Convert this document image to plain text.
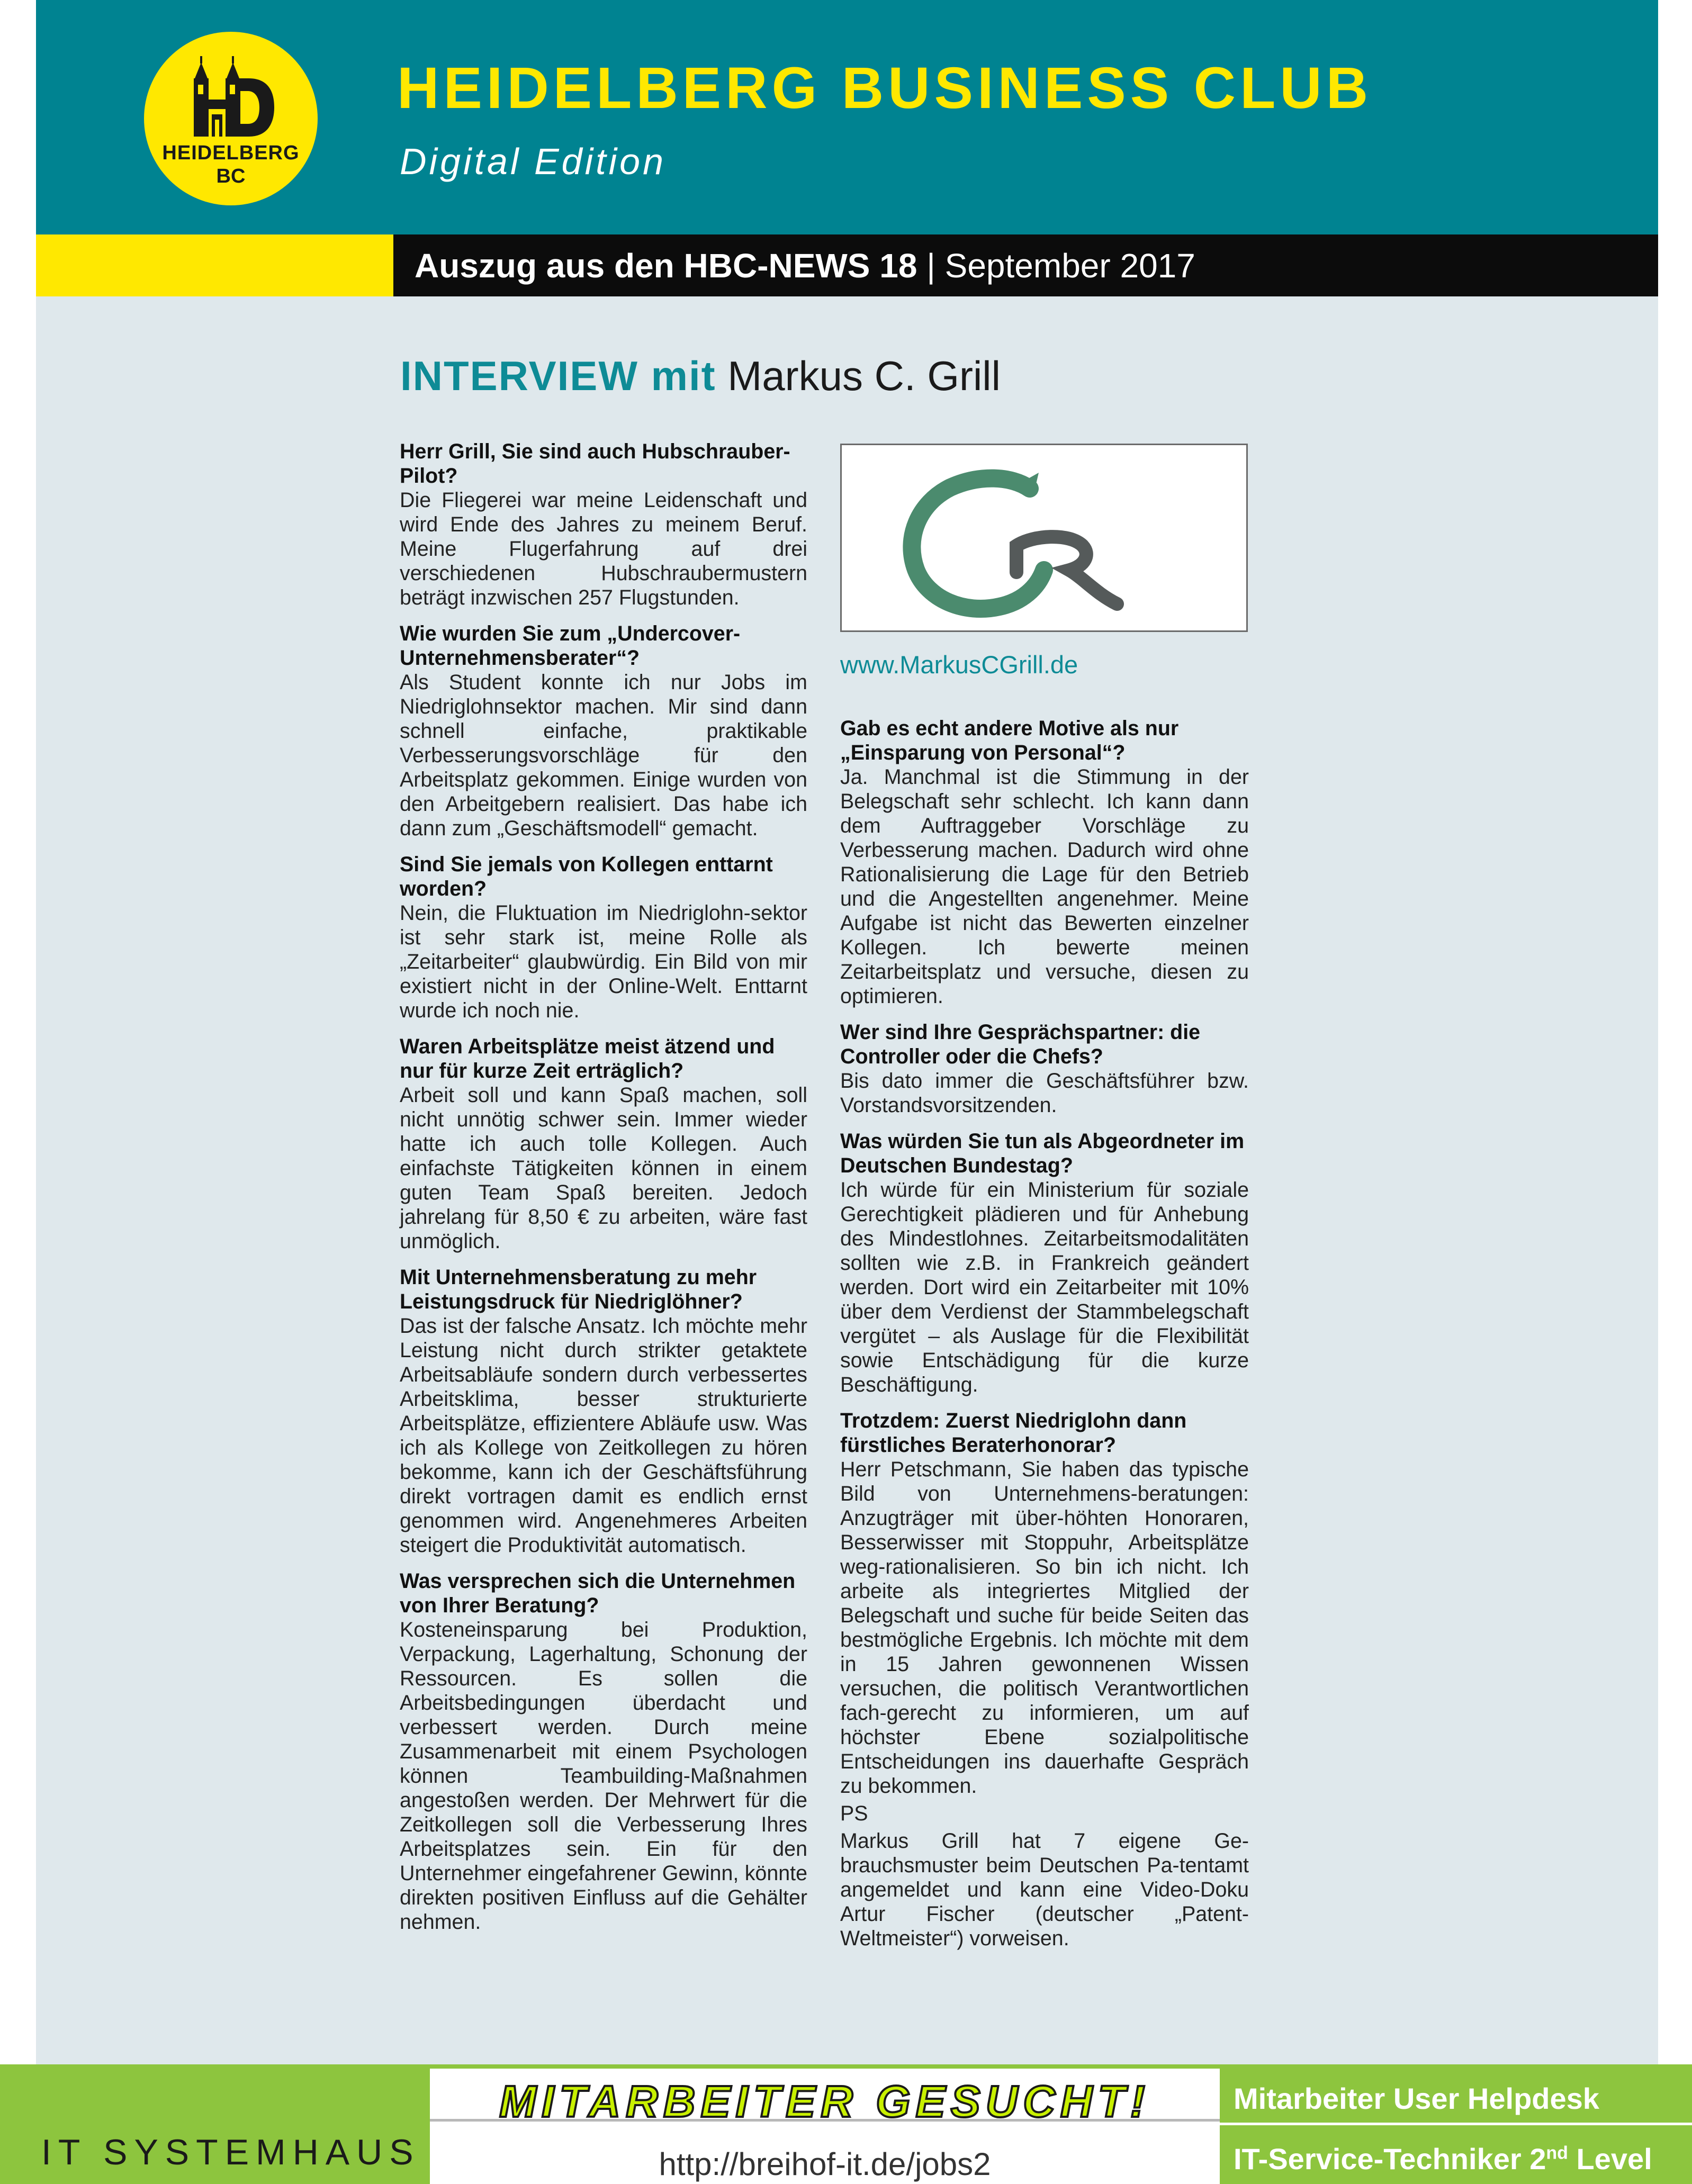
HEIDELBERG
BC
HEIDELBERG BUSINESS CLUB
Digital Edition
Auszug aus den HBC-NEWS 18 | September 2017
INTERVIEW mit Markus C. Grill
Herr Grill, Sie sind auch Hubschrauber-Pilot?
Die Fliegerei war meine Leidenschaft und wird Ende des Jahres zu meinem Beruf. Meine Flugerfahrung auf drei verschiedenen Hubschraubermustern beträgt inzwischen 257 Flugstunden.
Wie wurden Sie zum „Undercover-Unternehmensberater“?
Als Student konnte ich nur Jobs im Niedriglohnsektor machen. Mir sind dann schnell einfache, praktikable Verbesserungsvorschläge für den Arbeitsplatz gekommen. Einige wurden von den Arbeitgebern realisiert. Das habe ich dann zum „Geschäftsmodell“ gemacht.
Sind Sie jemals von Kollegen enttarnt worden?
Nein, die Fluktuation im Niedriglohn-sektor ist sehr stark ist, meine Rolle als „Zeitarbeiter“ glaubwürdig. Ein Bild von mir existiert nicht in der Online-Welt. Enttarnt wurde ich noch nie.
Waren Arbeitsplätze meist ätzend und nur für kurze Zeit erträglich?
Arbeit soll und kann Spaß machen, soll nicht unnötig schwer sein. Immer wieder hatte ich auch tolle Kollegen. Auch einfachste Tätigkeiten können in einem guten Team Spaß bereiten. Jedoch jahrelang für 8,50 € zu arbeiten, wäre fast unmöglich.
Mit Unternehmensberatung zu mehr Leistungsdruck für Niedriglöhner?
Das ist der falsche Ansatz. Ich möchte mehr Leistung nicht durch strikter getaktete Arbeitsabläufe sondern durch verbessertes Arbeitsklima, besser strukturierte Arbeitsplätze, effizientere Abläufe usw. Was ich als Kollege von Zeitkollegen zu hören bekomme, kann ich der Geschäftsführung direkt vortragen damit es endlich ernst genommen wird. Angenehmeres Arbeiten steigert die Produktivität automatisch.
Was versprechen sich die Unternehmen von Ihrer Beratung?
Kosteneinsparung bei Produktion, Verpackung, Lagerhaltung, Schonung der Ressourcen. Es sollen die Arbeitsbedingungen überdacht und verbessert werden. Durch meine Zusammenarbeit mit einem Psychologen können Teambuilding-Maßnahmen angestoßen werden. Der Mehrwert für die Zeitkollegen soll die Verbesserung Ihres Arbeitsplatzes sein. Ein für den Unternehmer eingefahrener Gewinn, könnte direkten positiven Einfluss auf die Gehälter nehmen.
www.MarkusCGrill.de
Gab es echt andere Motive als nur „Einsparung von Personal“?
Ja. Manchmal ist die Stimmung in der Belegschaft sehr schlecht. Ich kann dann dem Auftraggeber Vorschläge zu Verbesserung machen. Dadurch wird ohne Rationalisierung die Lage für den Betrieb und die Angestellten angenehmer. Meine Aufgabe ist nicht das Bewerten einzelner Kollegen. Ich bewerte meinen Zeitarbeitsplatz und versuche, diesen zu optimieren.
Wer sind Ihre Gesprächspartner: die Controller oder die Chefs?
Bis dato immer die Geschäftsführer bzw. Vorstandsvorsitzenden.
Was würden Sie tun als Abgeordneter im Deutschen Bundestag?
Ich würde für ein Ministerium für soziale Gerechtigkeit plädieren und für Anhebung des Mindestlohnes. Zeitarbeitsmodalitäten sollten wie z.B. in Frankreich geändert werden. Dort wird ein Zeitarbeiter mit 10% über dem Verdienst der Stammbelegschaft vergütet – als Auslage für die Flexibilität sowie Entschädigung für die kurze Beschäftigung.
Trotzdem: Zuerst Niedriglohn dann fürstliches Beraterhonorar?
Herr Petschmann, Sie haben das typische Bild von Unternehmens-beratungen: Anzugträger mit über-höhten Honoraren, Besserwisser mit Stoppuhr, Arbeitsplätze weg-rationalisieren. So bin ich nicht. Ich arbeite als integriertes Mitglied der Belegschaft und suche für beide Seiten das bestmögliche Ergebnis. Ich möchte mit dem in 15 Jahren gewonnenen Wissen versuchen, die politisch Verantwortlichen fach-gerecht zu informieren, um auf höchster Ebene sozialpolitische Entscheidungen ins dauerhafte Gespräch zu bekommen.
PS
Markus Grill hat 7 eigene Ge-brauchsmuster beim Deutschen Pa-tentamt angemeldet und kann eine Video-Doku Artur Fischer (deutscher „Patent-Weltmeister“) vorweisen.
IT SYSTEMHAUS
MITARBEITER GESUCHT!
http://breihof-it.de/jobs2
Mitarbeiter User Helpdesk
IT-Service-Techniker 2nd Level
